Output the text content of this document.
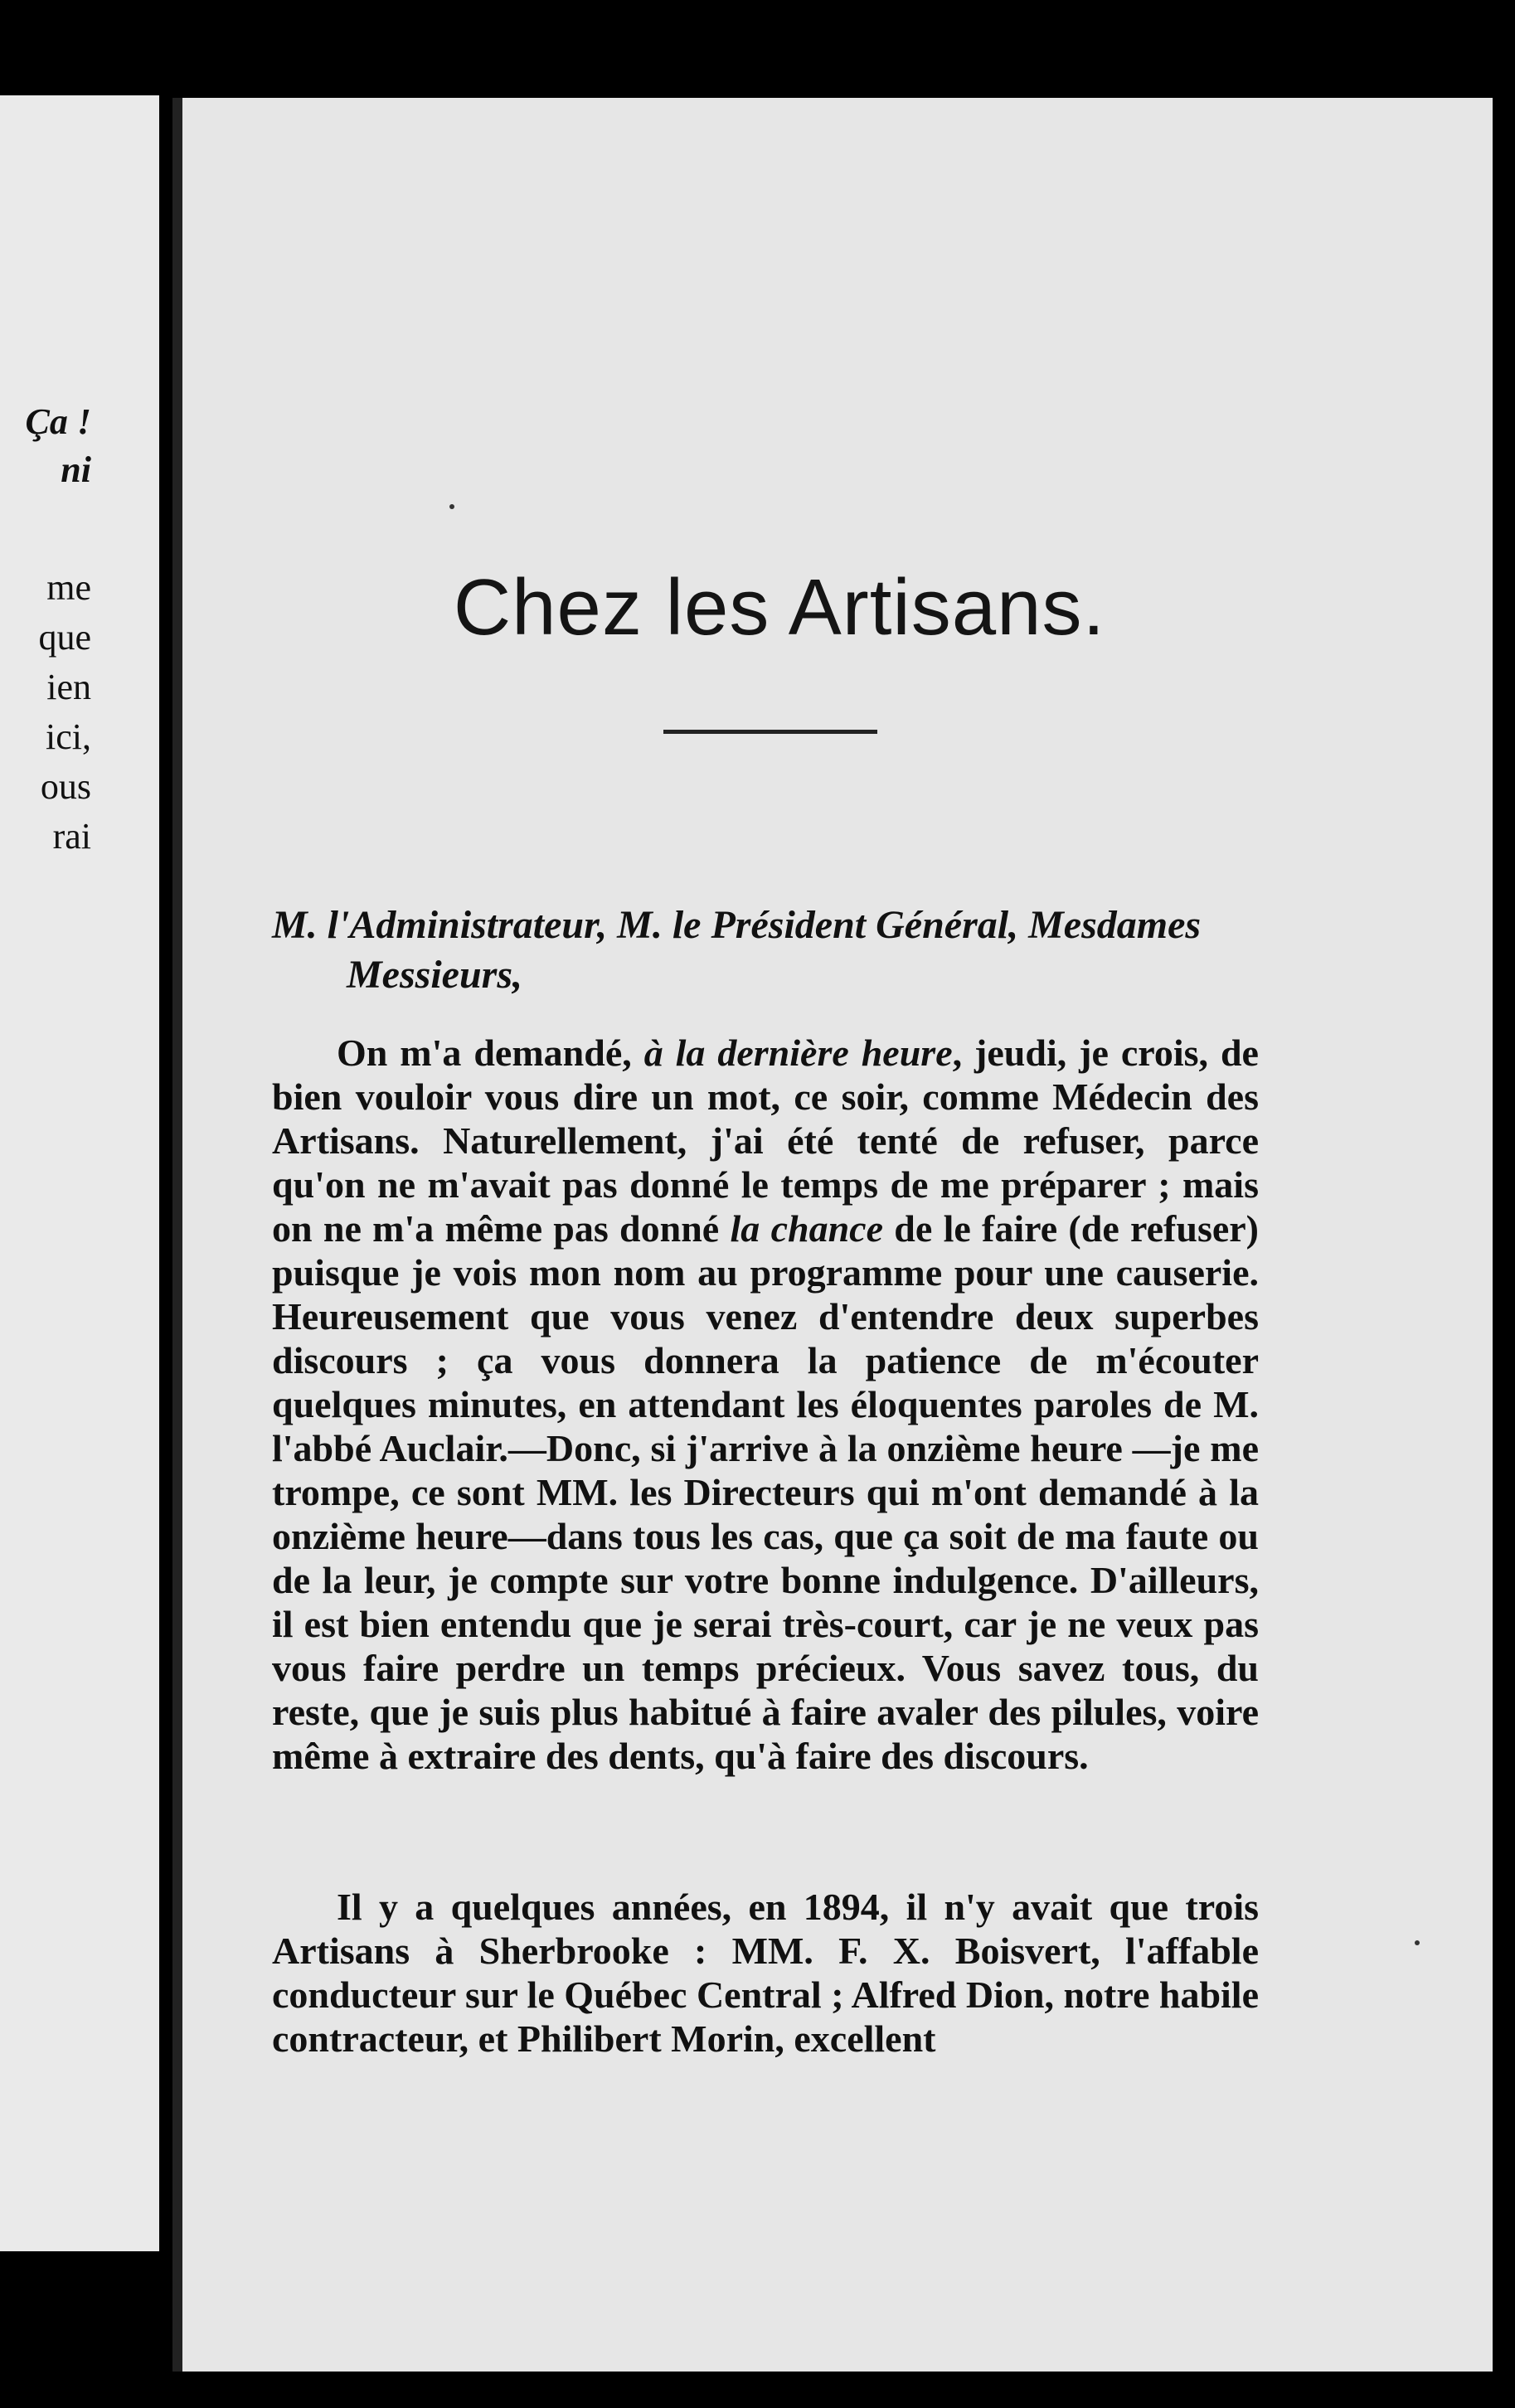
Ça !
ni
me
que
ien
ici,
ous
rai
Chez les Artisans.
M. l'Administrateur, M. le Président Général, Mesdames
Messieurs,

On m'a demandé, à la dernière heure, jeudi, je crois, de bien vouloir vous dire un mot, ce soir, comme Médecin des Artisans. Naturellement, j'ai été tenté de refuser, parce qu'on ne m'avait pas donné le temps de me préparer ; mais on ne m'a même pas donné la chance de le faire (de refuser) puisque je vois mon nom au programme pour une causerie. Heureusement que vous venez d'entendre deux superbes discours ; ça vous donnera la patience de m'écouter quelques minutes, en attendant les éloquentes paroles de M. l'abbé Auclair.—Donc, si j'arrive à la onzième heure —je me trompe, ce sont MM. les Directeurs qui m'ont demandé à la onzième heure—dans tous les cas, que ça soit de ma faute ou de la leur, je compte sur votre bonne indulgence. D'ailleurs, il est bien entendu que je serai très-court, car je ne veux pas vous faire perdre un temps précieux. Vous savez tous, du reste, que je suis plus habitué à faire avaler des pilules, voire même à extraire des dents, qu'à faire des discours.

Il y a quelques années, en 1894, il n'y avait que trois Artisans à Sherbrooke : MM. F. X. Boisvert, l'affable conducteur sur le Québec Central ; Alfred Dion, notre habile contracteur, et Philibert Morin, excellent
